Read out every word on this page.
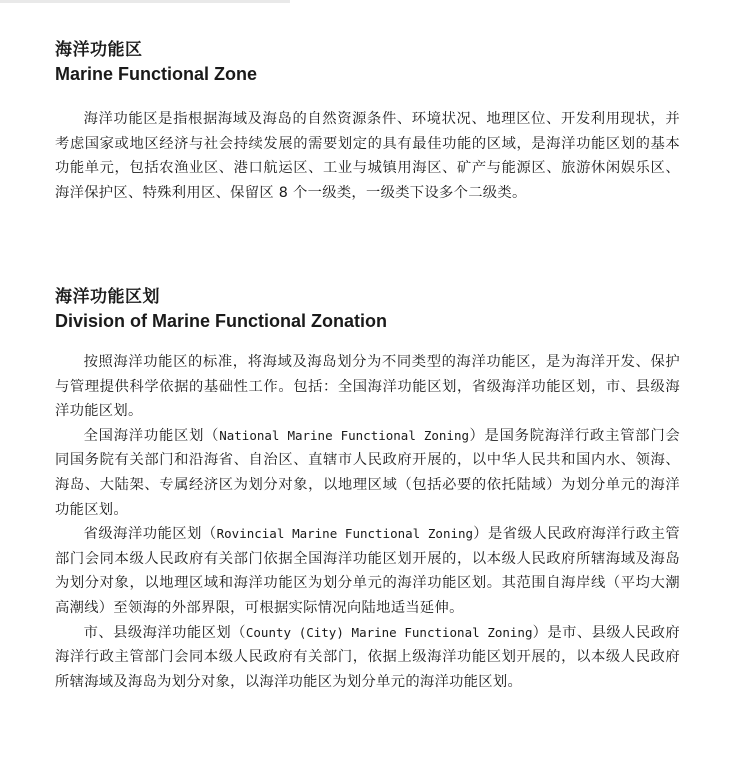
海洋功能区
Marine Functional Zone

海洋功能区是指根据海域及海岛的自然资源条件、环境状况、地理区位、开发利用现状，并考虑国家或地区经济与社会持续发展的需要划定的具有最佳功能的区域，是海洋功能区划的基本功能单元，包括农渔业区、港口航运区、工业与城镇用海区、矿产与能源区、旅游休闲娱乐区、海洋保护区、特殊利用区、保留区 8 个一级类，一级类下设多个二级类。

海洋功能区划
Division of Marine Functional Zonation

按照海洋功能区的标准，将海域及海岛划分为不同类型的海洋功能区，是为海洋开发、保护与管理提供科学依据的基础性工作。包括：全国海洋功能区划，省级海洋功能区划，市、县级海洋功能区划。

全国海洋功能区划（National Marine Functional Zoning）是国务院海洋行政主管部门会同国务院有关部门和沿海省、自治区、直辖市人民政府开展的，以中华人民共和国内水、领海、海岛、大陆架、专属经济区为划分对象，以地理区域（包括必要的依托陆域）为划分单元的海洋功能区划。

省级海洋功能区划（Rovincial Marine Functional Zoning）是省级人民政府海洋行政主管部门会同本级人民政府有关部门依据全国海洋功能区划开展的，以本级人民政府所辖海域及海岛为划分对象，以地理区域和海洋功能区为划分单元的海洋功能区划。其范围自海岸线（平均大潮高潮线）至领海的外部界限，可根据实际情况向陆地适当延伸。

市、县级海洋功能区划（County (City) Marine Functional Zoning）是市、县级人民政府海洋行政主管部门会同本级人民政府有关部门，依据上级海洋功能区划开展的，以本级人民政府所辖海域及海岛为划分对象，以海洋功能区为划分单元的海洋功能区划。
